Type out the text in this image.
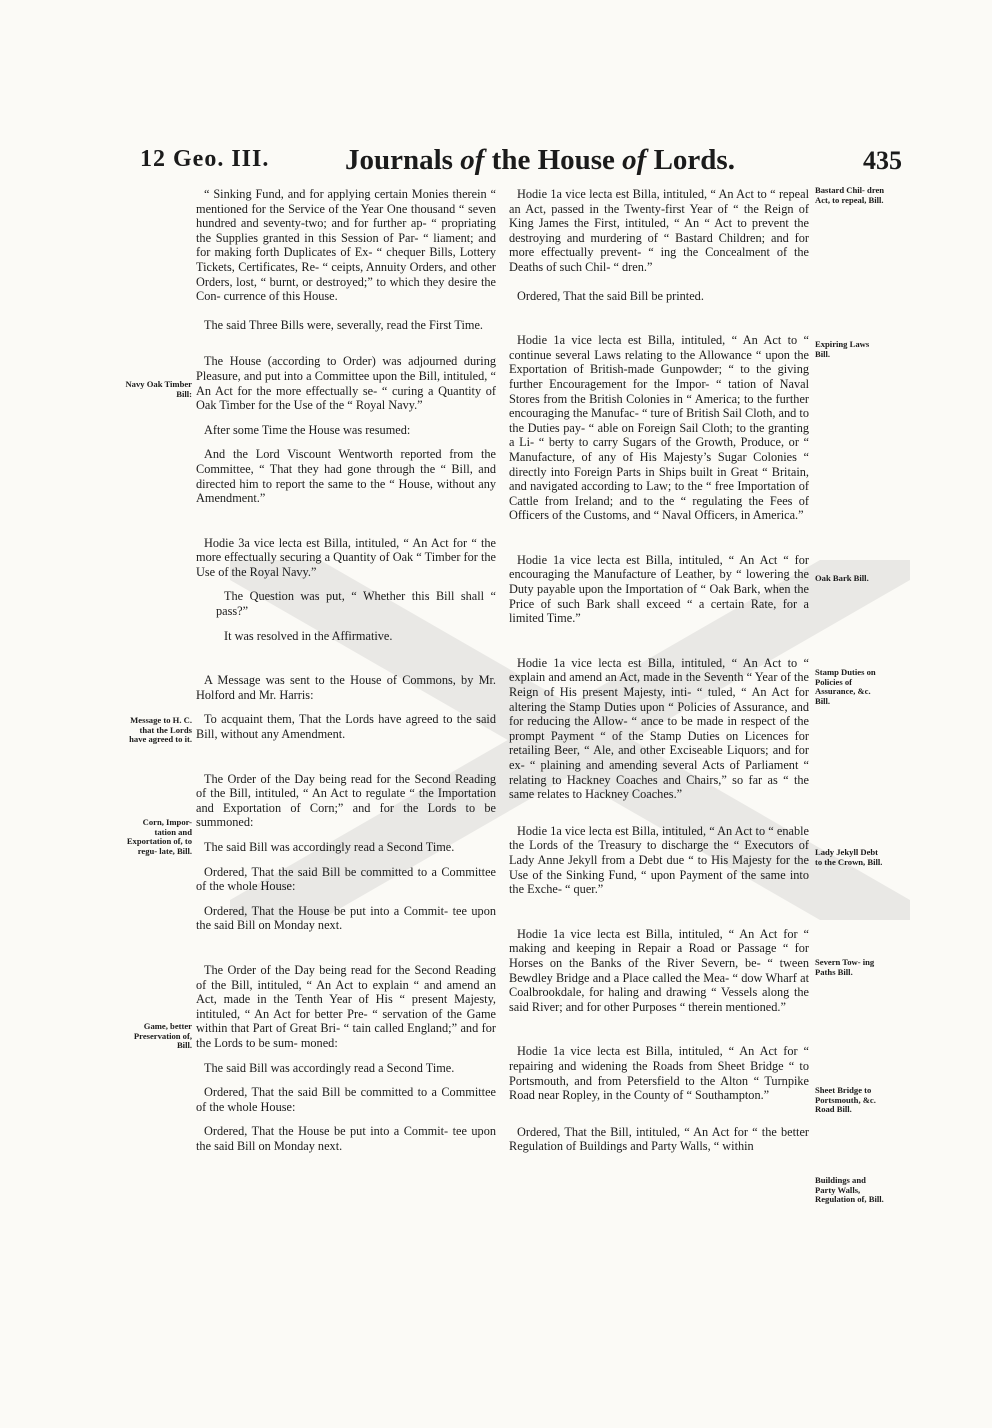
12 Geo. III.	Journals of the House of Lords.	435

“ Sinking Fund, and for applying certain Monies therein “ mentioned for the Service of the Year One thousand “ seven hundred and seventy-two; and for further ap- “ propriating the Supplies granted in this Session of Par- “ liament; and for making forth Duplicates of Ex- “ chequer Bills, Lottery Tickets, Certificates, Re- “ ceipts, Annuity Orders, and other Orders, lost, “ burnt, or destroyed;” to which they desire the Con- currence of this House.

The said Three Bills were, severally, read the First Time.

The House (according to Order) was adjourned during Pleasure, and put into a Committee upon the Bill, intituled, “ An Act for the more effectually se- “ curing a Quantity of Oak Timber for the Use of the “ Royal Navy.”

After some Time the House was resumed:

And the Lord Viscount Wentworth reported from the Committee, “ That they had gone through the “ Bill, and directed him to report the same to the “ House, without any Amendment.”

Hodie 3a vice lecta est Billa, intituled, “ An Act for “ the more effectually securing a Quantity of Oak “ Timber for the Use of the Royal Navy.”

The Question was put, “ Whether this Bill shall “ pass?”

It was resolved in the Affirmative.

A Message was sent to the House of Commons, by Mr. Holford and Mr. Harris:

To acquaint them, That the Lords have agreed to the said Bill, without any Amendment.

The Order of the Day being read for the Second Reading of the Bill, intituled, “ An Act to regulate “ the Importation and Exportation of Corn;” and for the Lords to be summoned:

The said Bill was accordingly read a Second Time.

Ordered, That the said Bill be committed to a Committee of the whole House:

Ordered, That the House be put into a Commit- tee upon the said Bill on Monday next.

The Order of the Day being read for the Second Reading of the Bill, intituled, “ An Act to explain “ and amend an Act, made in the Tenth Year of His “ present Majesty, intituled, “ An Act for better Pre- “ servation of the Game within that Part of Great Bri- “ tain called England;” and for the Lords to be sum- moned:

The said Bill was accordingly read a Second Time.

Ordered, That the said Bill be committed to a Committee of the whole House:

Ordered, That the House be put into a Commit- tee upon the said Bill on Monday next.

Hodie 1a vice lecta est Billa, intituled, “ An Act to “ repeal an Act, passed in the Twenty-first Year of “ the Reign of King James the First, intituled, “ An “ Act to prevent the destroying and murdering of “ Bastard Children; and for more effectually prevent- “ ing the Concealment of the Deaths of such Chil- “ dren.”

Ordered, That the said Bill be printed.

Hodie 1a vice lecta est Billa, intituled, “ An Act to “ continue several Laws relating to the Allowance “ upon the Exportation of British-made Gunpowder; “ to the giving further Encouragement for the Impor- “ tation of Naval Stores from the British Colonies in “ America; to the further encouraging the Manufac- “ ture of British Sail Cloth, and to the Duties pay- “ able on Foreign Sail Cloth; to the granting a Li- “ berty to carry Sugars of the Growth, Produce, or “ Manufacture, of any of His Majesty’s Sugar Colonies “ directly into Foreign Parts in Ships built in Great “ Britain, and navigated according to Law; to the “ free Importation of Cattle from Ireland; and to the “ regulating the Fees of Officers of the Customs, and “ Naval Officers, in America.”

Hodie 1a vice lecta est Billa, intituled, “ An Act “ for encouraging the Manufacture of Leather, by “ lowering the Duty payable upon the Importation of “ Oak Bark, when the Price of such Bark shall exceed “ a certain Rate, for a limited Time.”

Hodie 1a vice lecta est Billa, intituled, “ An Act to “ explain and amend an Act, made in the Seventh “ Year of the Reign of His present Majesty, inti- “ tuled, “ An Act for altering the Stamp Duties upon “ Policies of Assurance, and for reducing the Allow- “ ance to be made in respect of the prompt Payment “ of the Stamp Duties on Licences for retailing Beer, “ Ale, and other Exciseable Liquors; and for ex- “ plaining and amending several Acts of Parliament “ relating to Hackney Coaches and Chairs,” so far as “ the same relates to Hackney Coaches.”

Hodie 1a vice lecta est Billa, intituled, “ An Act to “ enable the Lords of the Treasury to discharge the “ Executors of Lady Anne Jekyll from a Debt due “ to His Majesty for the Use of the Sinking Fund, “ upon Payment of the same into the Exche- “ quer.”

Hodie 1a vice lecta est Billa, intituled, “ An Act for “ making and keeping in Repair a Road or Passage “ for Horses on the Banks of the River Severn, be- “ tween Bewdley Bridge and a Place called the Mea- “ dow Wharf at Coalbrookdale, for haling and drawing “ Vessels along the said River; and for other Purposes “ therein mentioned.”

Hodie 1a vice lecta est Billa, intituled, “ An Act for “ repairing and widening the Roads from Sheet Bridge “ to Portsmouth, and from Petersfield to the Alton “ Turnpike Road near Ropley, in the County of “ Southampton.”

Ordered, That the Bill, intituled, “ An Act for “ the better Regulation of Buildings and Party Walls, “ within

Navy Oak Timber Bill:
Message to H. C. that the Lords have agreed to it.
Corn, Impor- tation and Exportation of, to regu- late, Bill.
Game, better Preservation of, Bill.
Bastard Chil- dren Act, to repeal, Bill.
Expiring Laws Bill.
Oak Bark Bill.
Stamp Duties on Policies of Assurance, &c. Bill.
Lady Jekyll Debt to the Crown, Bill.
Severn Tow- ing Paths Bill.
Sheet Bridge to Portsmouth, &c. Road Bill.
Buildings and Party Walls, Regulation of, Bill.
